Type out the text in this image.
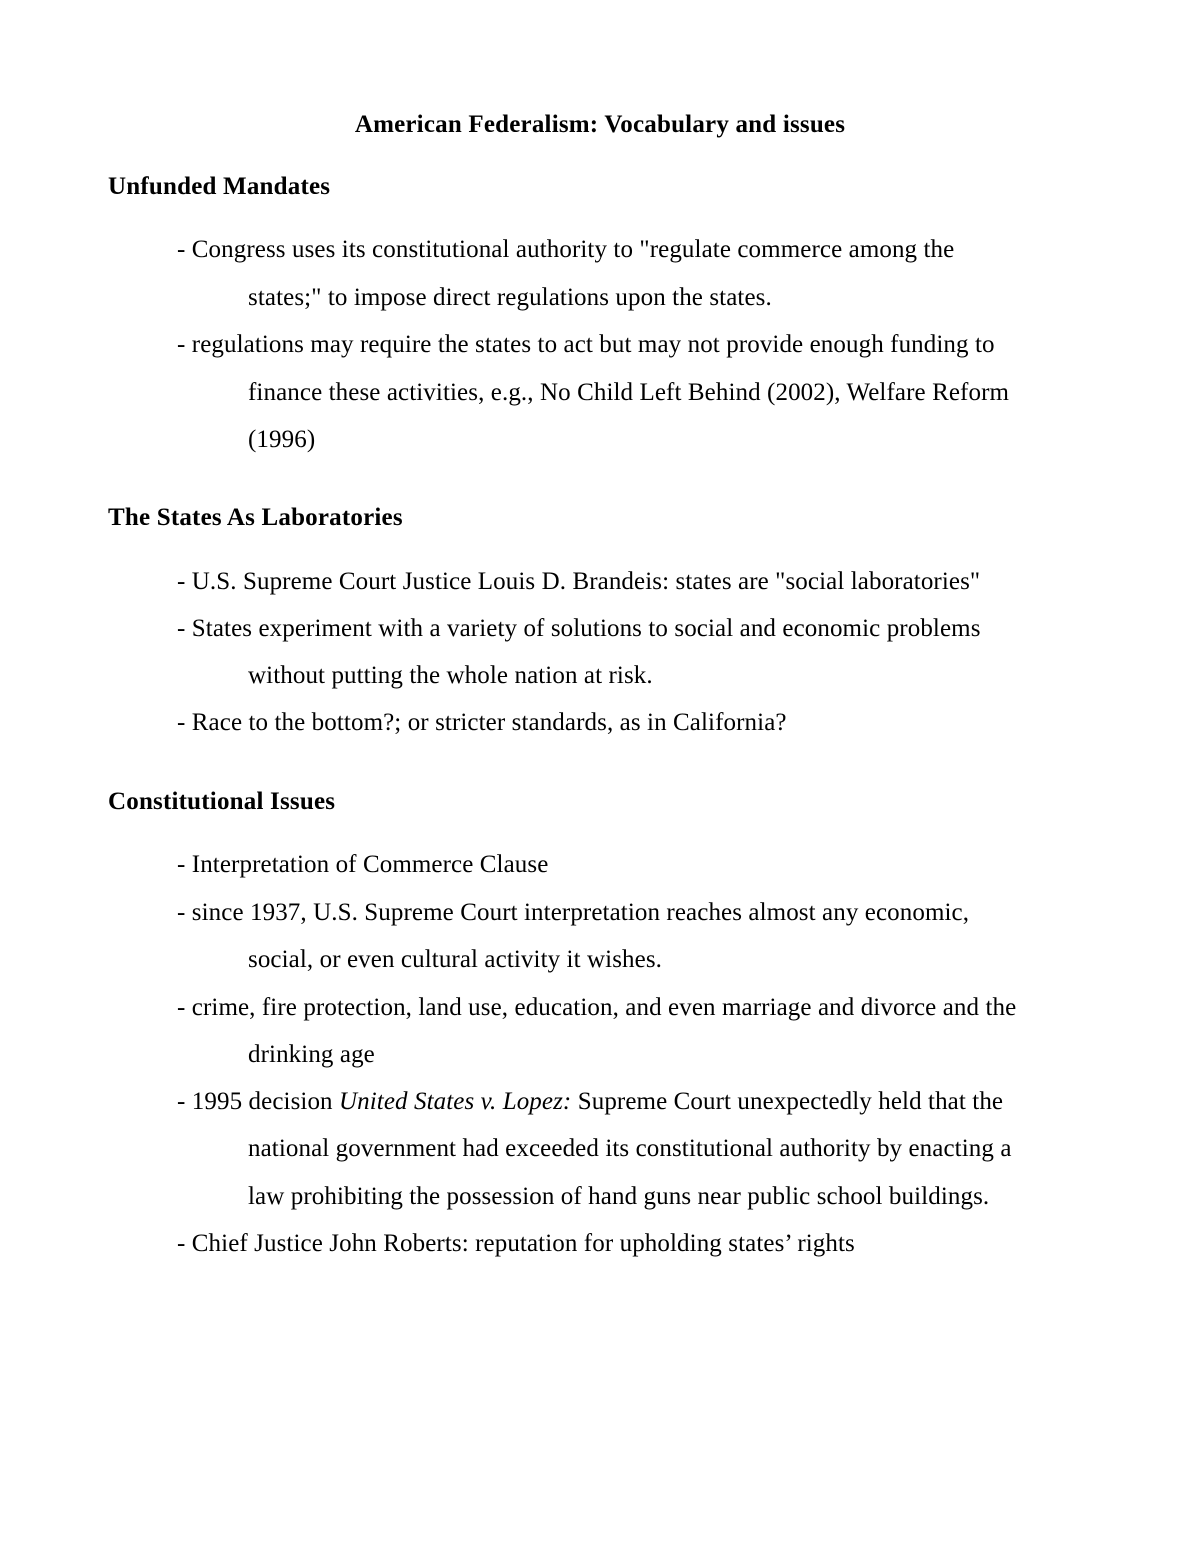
American Federalism: Vocabulary and issues
Unfunded Mandates
- Congress uses its constitutional authority to "regulate commerce among the
states;" to impose direct regulations upon the states.
- regulations may require the states to act but may not provide enough funding to
finance these activities, e.g., No Child Left Behind (2002), Welfare Reform
(1996)
The States As Laboratories
- U.S. Supreme Court Justice Louis D. Brandeis: states are "social laboratories"
- States experiment with a variety of solutions to social and economic problems
without putting the whole nation at risk.
- Race to the bottom?; or stricter standards, as in California?
Constitutional Issues
- Interpretation of Commerce Clause
- since 1937, U.S. Supreme Court interpretation reaches almost any economic,
social, or even cultural activity it wishes.
- crime, fire protection, land use, education, and even marriage and divorce and the
drinking age
- 1995 decision United States v. Lopez: Supreme Court unexpectedly held that the
national government had exceeded its constitutional authority by enacting a
law prohibiting the possession of hand guns near public school buildings.
- Chief Justice John Roberts: reputation for upholding states’ rights
